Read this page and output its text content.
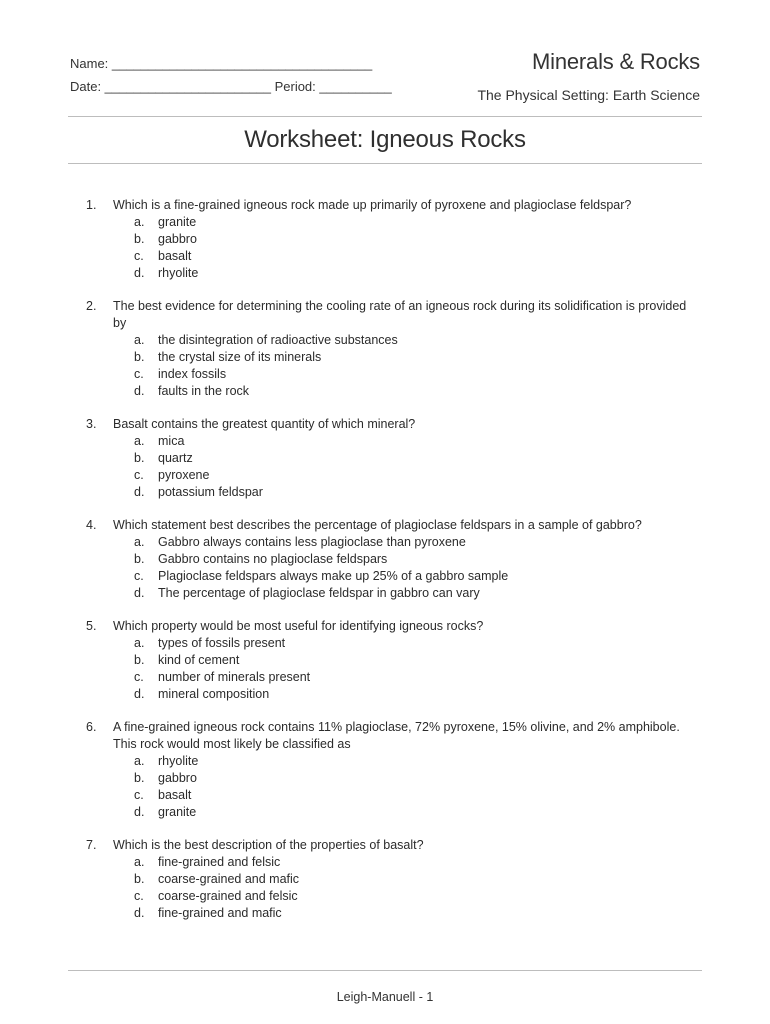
Name: ____________________________________
Date: _______________________ Period: __________
Minerals & Rocks
The Physical Setting: Earth Science
Worksheet: Igneous Rocks
1.	Which is a fine-grained igneous rock made up primarily of pyroxene and plagioclase feldspar?
a.	granite
b.	gabbro
c.	basalt
d.	rhyolite
2.	The best evidence for determining the cooling rate of an igneous rock during its solidification is provided by
a.	the disintegration of radioactive substances
b.	the crystal size of its minerals
c.	index fossils
d.	faults in the rock
3.	Basalt contains the greatest quantity of which mineral?
a.	mica
b.	quartz
c.	pyroxene
d.	potassium feldspar
4.	Which statement best describes the percentage of plagioclase feldspars in a sample of gabbro?
a.	Gabbro always contains less plagioclase than pyroxene
b.	Gabbro contains no plagioclase feldspars
c.	Plagioclase feldspars always make up 25% of a gabbro sample
d.	The percentage of plagioclase feldspar in gabbro can vary
5.	Which property would be most useful for identifying igneous rocks?
a.	types of fossils present
b.	kind of cement
c.	number of minerals present
d.	mineral composition
6.	A fine-grained igneous rock contains 11% plagioclase, 72% pyroxene, 15% olivine, and 2% amphibole. This rock would most likely be classified as
a.	rhyolite
b.	gabbro
c.	basalt
d.	granite
7.	Which is the best description of the properties of basalt?
a.	fine-grained and felsic
b.	coarse-grained and mafic
c.	coarse-grained and felsic
d.	fine-grained and mafic
Leigh-Manuell - 1
